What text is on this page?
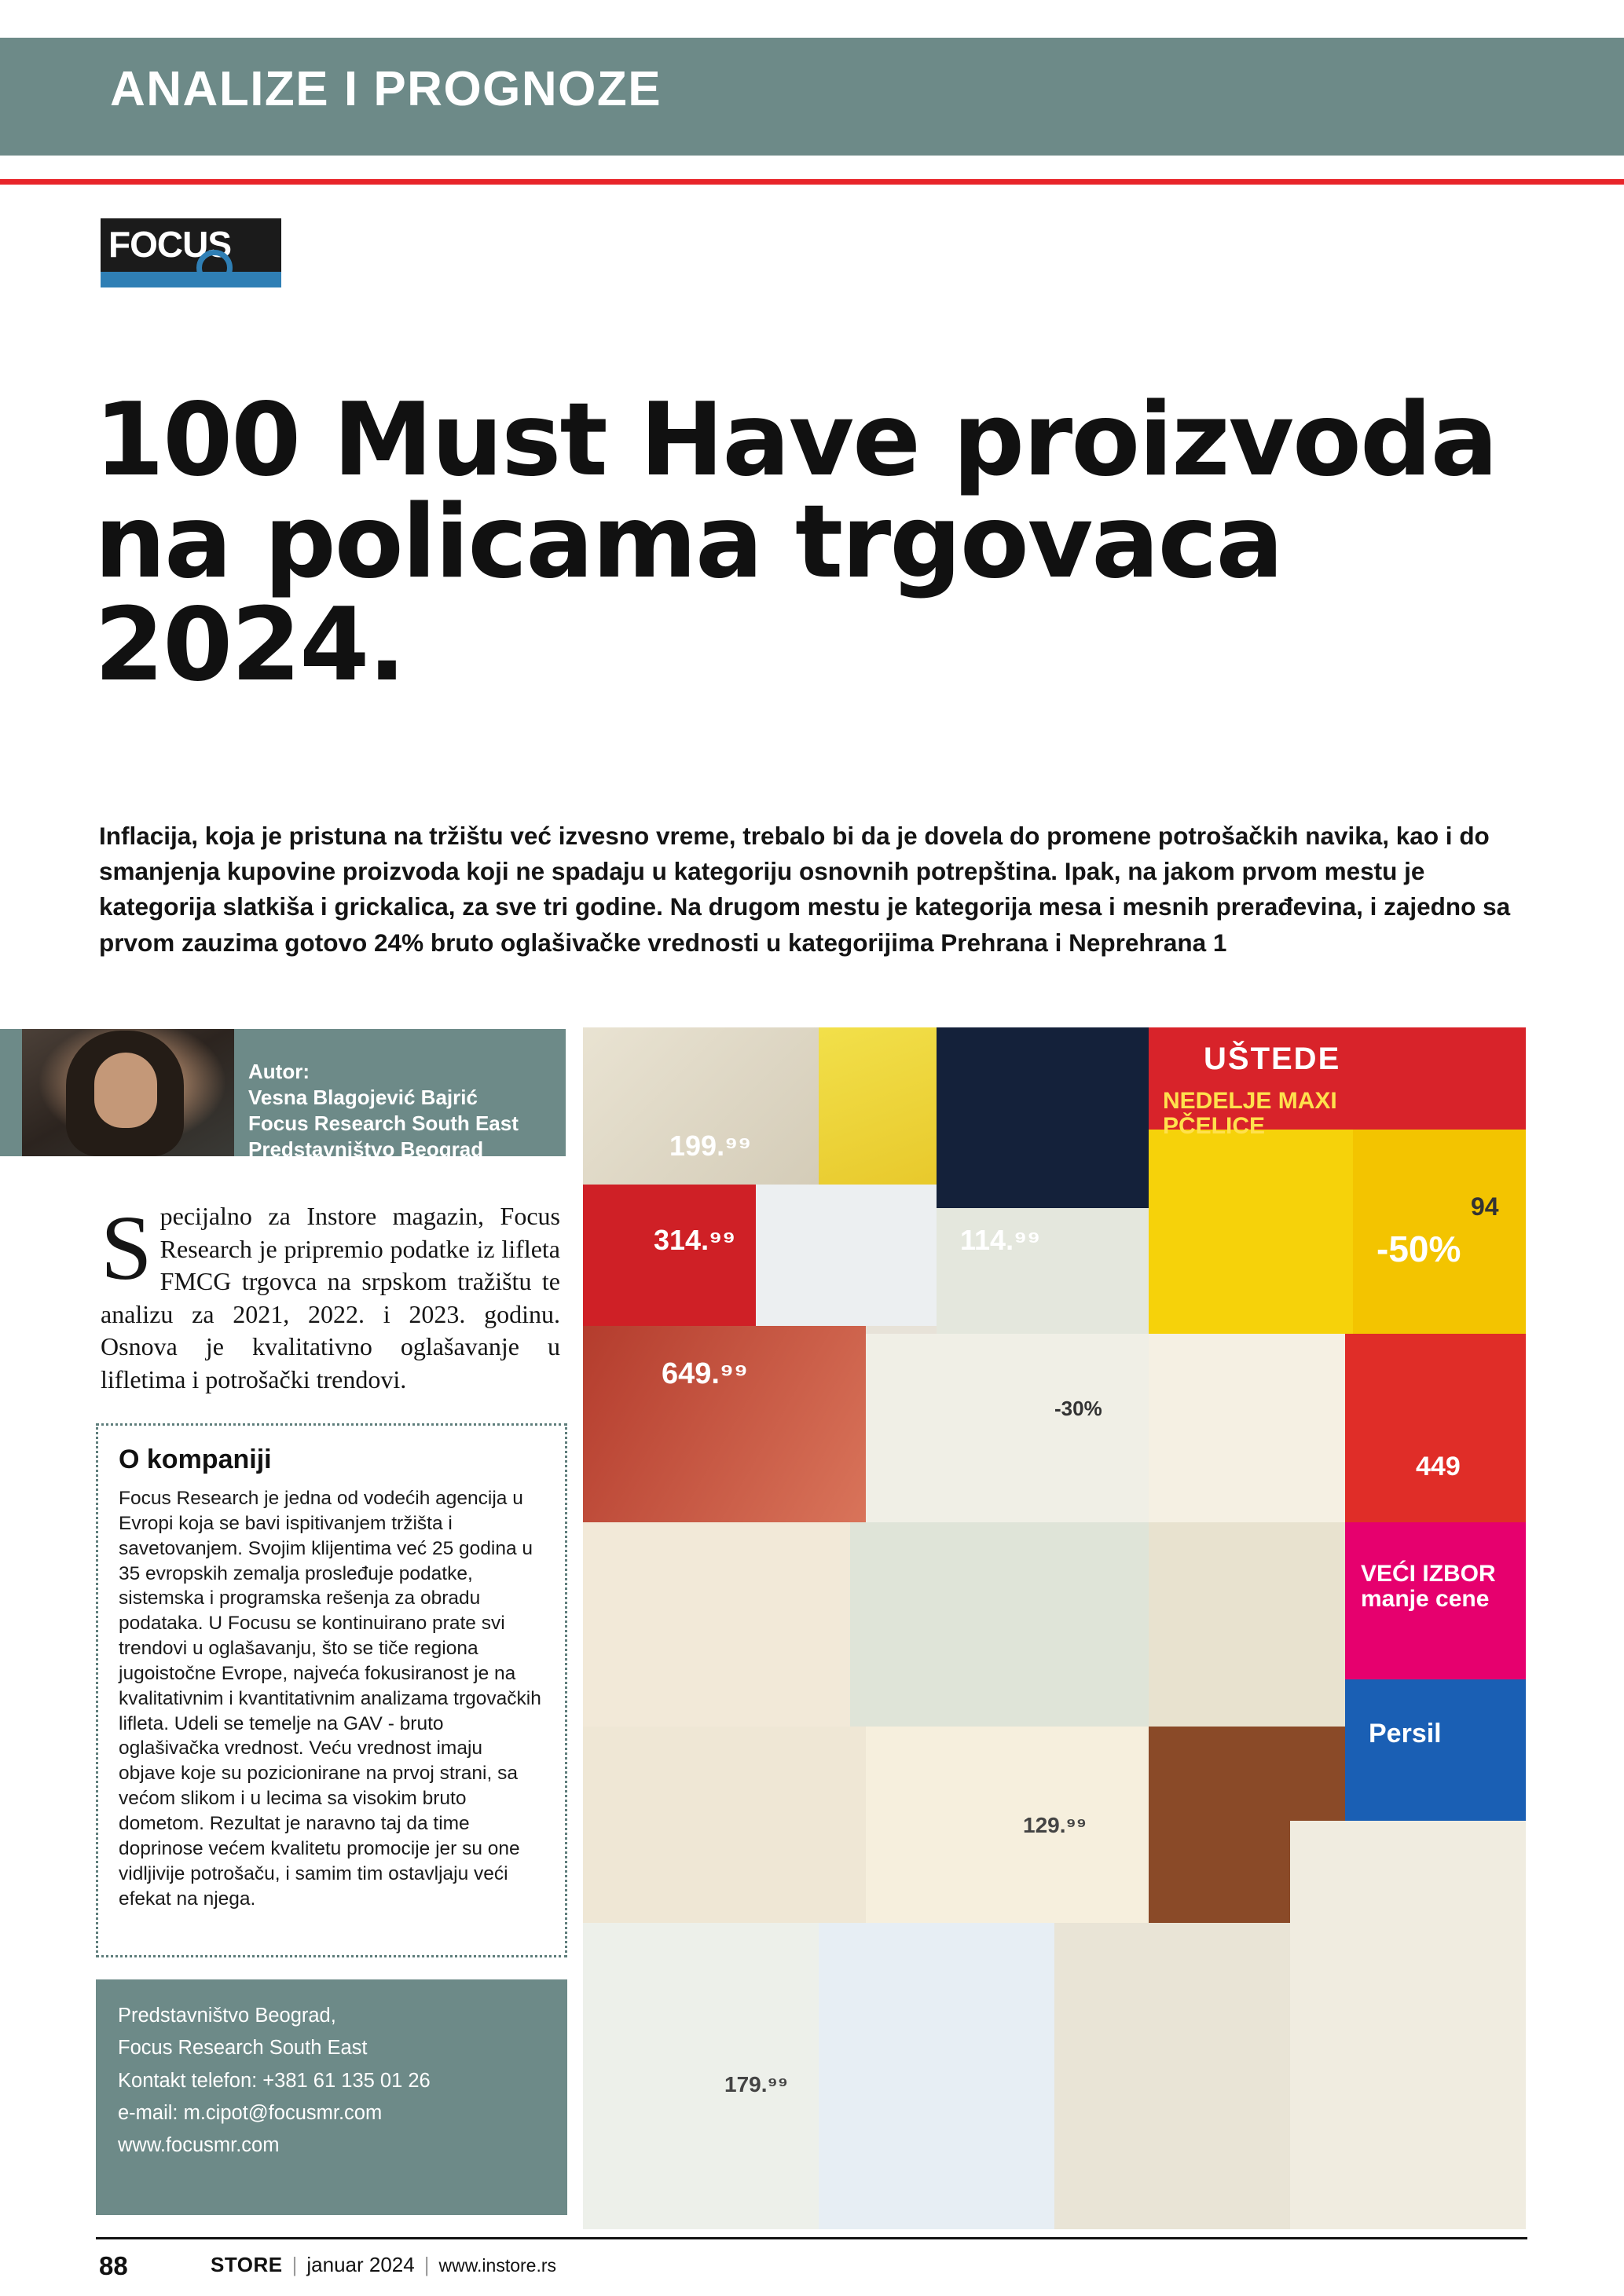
ANALIZE I PROGNOZE
FOCUS
100 Must Have proizvoda na policama trgovaca 2024.

Inflacija, koja je pristuna na tržištu već izvesno vreme, trebalo bi da je dovela do promene potrošačkih navika, kao i do smanjenja kupovine proizvoda koji ne spadaju u kategoriju osnovnih potrepština. Ipak, na jakom prvom mestu je kategorija slatkiša i grickalica, za sve tri godine. Na drugom mestu je kategorija mesa i mesnih prerađevina, i zajedno sa prvom zauzima gotovo 24% bruto oglašivačke vrednosti u kategorijima Prehrana i Neprehrana 1

Autor:
Vesna Blagojević Bajrić
Focus Research South East
Predstavništvo Beograd
Specijalno za Instore magazin, Focus Research je pripremio podatke iz lifleta FMCG trgovca na srpskom tražištu te analizu za 2021, 2022. i 2023. godinu. Osnova je kvalitativno oglašavanje u lifletima i potrošački trendovi.
O kompaniji
Focus Research je jedna od vodećih agencija u Evropi koja se bavi ispitivanjem tržišta i savetovanjem. Svojim klijentima već 25 godina u 35 evropskih zemalja prosleđuje podatke, sistemska i programska rešenja za obradu podataka. U Focusu se kontinuirano prate svi trendovi u oglašavanju, što se tiče regiona jugoistočne Evrope, najveća fokusiranost je na kvalitativnim i kvantitativnim analizama trgovačkih lifleta. Udeli se temelje na GAV - bruto oglašivačka vrednost. Veću vrednost imaju objave koje su pozicionirane na prvoj strani, sa većom slikom i u lecima sa visokim bruto dometom. Rezultat je naravno taj da time doprinose većem kvalitetu promocije jer su one vidljivije potrošaču, i samim tim ostavljaju veći efekat na njega.
Predstavništvo Beograd,
Focus Research South East
Kontakt telefon: +381 61 135 01 26
e-mail: m.cipot@focusmr.com
www.focusmr.com
UŠTEDE
NEDELJE MAXI PČELICE
199.⁹⁹
314.⁹⁹	114.⁹⁹	-50%
649.⁹⁹
-30%
449
VEĆI IZBOR manje cene
Persil
94
129.⁹⁹
179.⁹⁹
88	STORE | januar 2024 | www.instore.rs
